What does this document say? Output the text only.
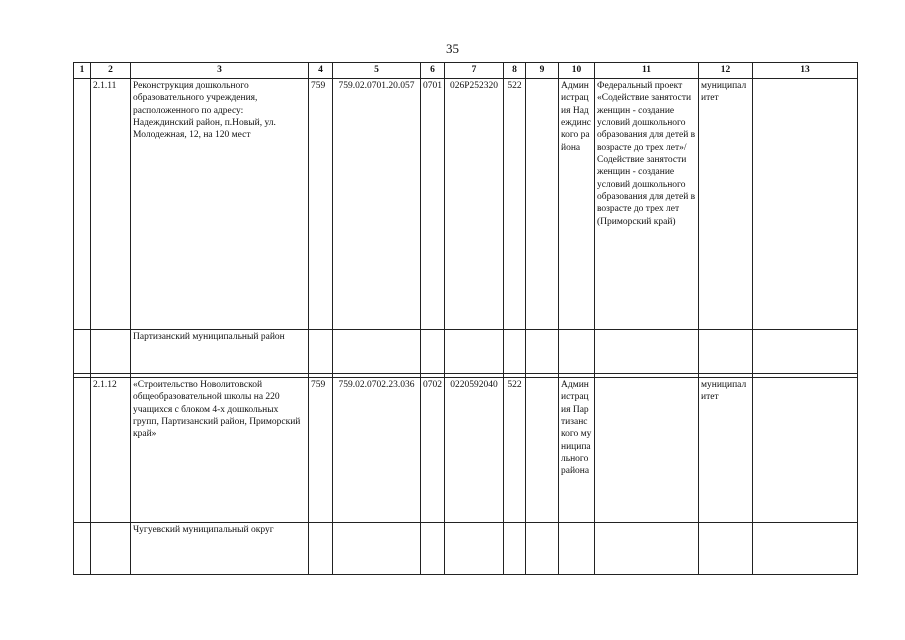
35
1	2	3	4	5	6	7	8	9	10	11	12	13
	2.1.11	Реконструкция дошкольного образовательного учреждения, расположенного по адресу: Надеждинский район, п.Новый, ул. Молодежная, 12, на 120 мест	759	759.02.0701.20.057	0701	026P252320	522		Администрация Надеждинского района	Федеральный проект «Содействие занятости женщин - создание условий дошкольного образования для детей в возрасте до трех лет»/Содействие занятости женщин - создание условий дошкольного образования для детей в возрасте до трех лет (Приморский край)	муниципалитет	
		Партизанский муниципальный район										

	2.1.12	«Строительство Новолитовской общеобразовательной школы на 220 учащихся с блоком 4-х дошкольных групп, Партизанский район, Приморский край»	759	759.02.0702.23.036	0702	0220592040	522		Администрация Партизанского муниципального района		муниципалитет	
		Чугуевский муниципальный округ										
